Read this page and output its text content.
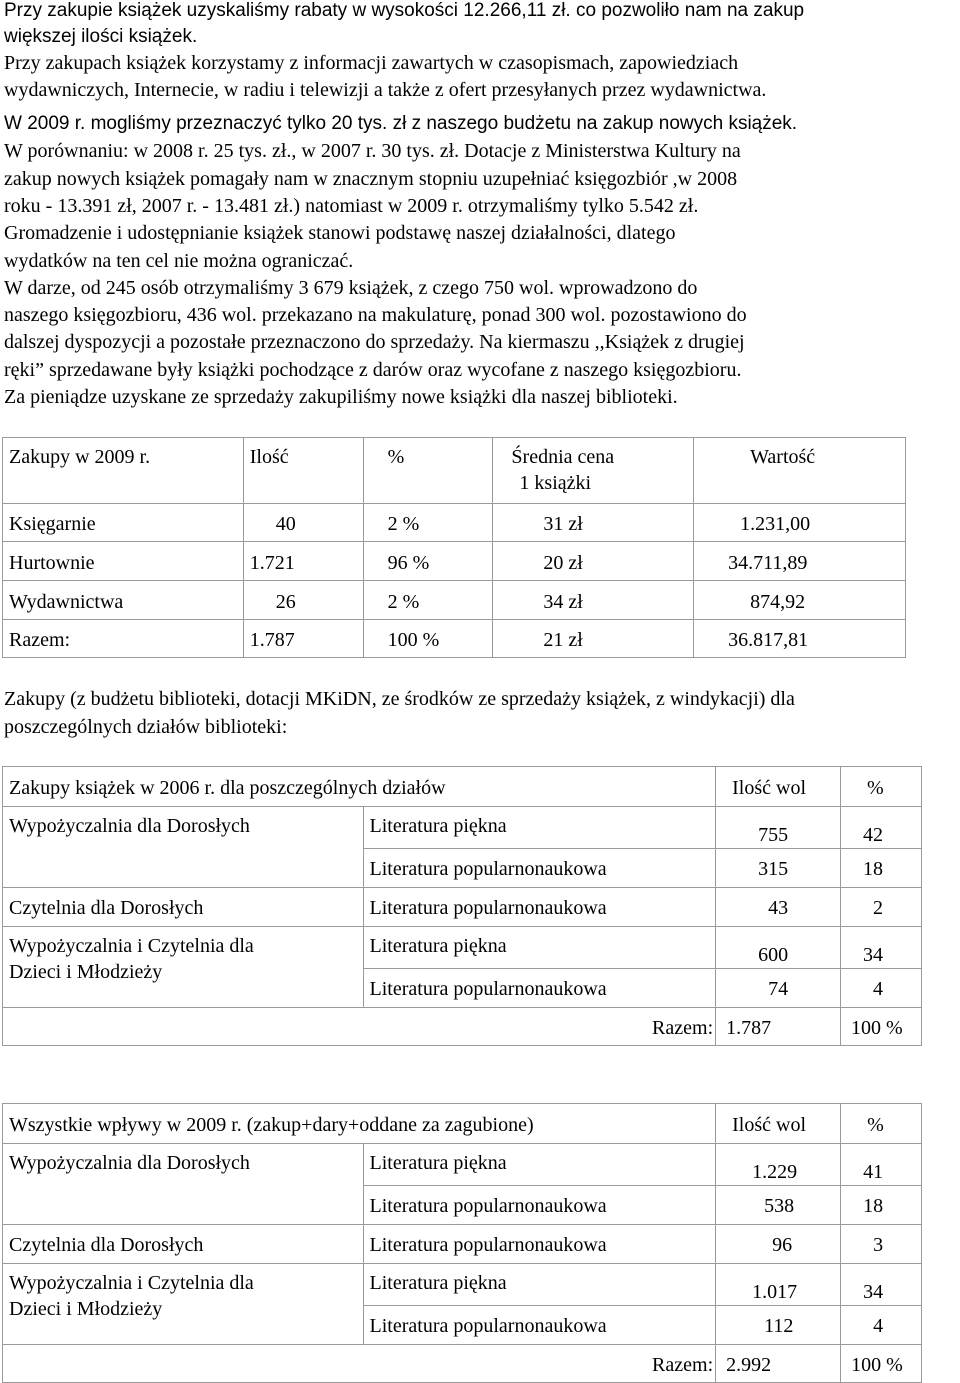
Przy zakupie książek uzyskaliśmy rabaty w wysokości 12.266,11 zł. co pozwoliło nam na zakup
większej ilości książek.
Przy zakupach książek korzystamy z informacji zawartych w czasopismach, zapowiedziach
wydawniczych, Internecie, w radiu i telewizji a także z ofert przesyłanych przez wydawnictwa.
W 2009 r. mogliśmy przeznaczyć tylko 20 tys. zł z naszego budżetu na zakup nowych książek.
W porównaniu: w 2008 r. 25 tys. zł., w 2007 r. 30 tys. zł. Dotacje z Ministerstwa Kultury na
zakup nowych książek pomagały nam w znacznym stopniu uzupełniać księgozbiór ,w 2008
roku - 13.391 zł, 2007 r. - 13.481 zł.) natomiast w 2009 r. otrzymaliśmy tylko 5.542 zł.
Gromadzenie i udostępnianie książek stanowi podstawę naszej działalności, dlatego
wydatków na ten cel nie można ograniczać.
W darze, od 245 osób otrzymaliśmy 3 679 książek, z czego 750 wol. wprowadzono do
naszego księgozbioru, 436 wol. przekazano na makulaturę, ponad 300 wol. pozostawiono do
dalszej dyspozycji a pozostałe przeznaczono do sprzedaży. Na kiermaszu ,,Książek z drugiej
ręki” sprzedawane były książki pochodzące z darów oraz wycofane z naszego księgozbioru.
Za pieniądze uzyskane ze sprzedaży zakupiliśmy nowe książki dla naszej biblioteki.
Zakupy w 2009 r.	Ilość	%	Średnia cena
1 książki	Wartość
Księgarnie	40	2 %	31 zł	1.231,00
Hurtownie	1.721	96 %	20 zł	34.711,89
Wydawnictwa	26	2 %	34 zł	874,92
Razem:	1.787	100 %	21 zł	36.817,81
Zakupy (z budżetu biblioteki, dotacji MKiDN, ze środków ze sprzedaży książek, z windykacji) dla
poszczególnych działów biblioteki:
Zakupy książek w 2006 r. dla poszczególnych działów		Ilość wol	%
Wypożyczalnia dla Dorosłych	Literatura piękna	755	42
	Literatura popularnonaukowa	315	18
Czytelnia dla Dorosłych	Literatura popularnonaukowa	43	2

Wypożyczalnia i Czytelnia dla
Dzieci i Młodzieży	Literatura piękna	600	34
	Literatura popularnonaukowa	74	4
Razem:		1.787	100 %
Wszystkie wpływy w 2009 r. (zakup+dary+oddane za zagubione)		Ilość wol	%
Wypożyczalnia dla Dorosłych	Literatura piękna	1.229	41
	Literatura popularnonaukowa	538	18
Czytelnia dla Dorosłych	Literatura popularnonaukowa	96	3

Wypożyczalnia i Czytelnia dla
Dzieci i Młodzieży	Literatura piękna	1.017	34
	Literatura popularnonaukowa	112	4
Razem:		2.992	100 %
